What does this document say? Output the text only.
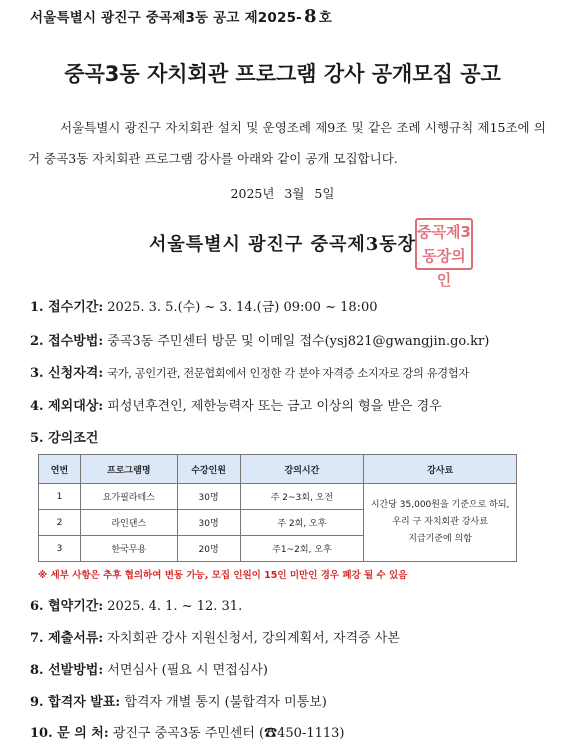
서울특별시 광진구 중곡제3동 공고 제2025- 8 호
중곡3동 자치회관 프로그램 강사 공개모집 공고
서울특별시 광진구 자치회관 설치 및 운영조례 제9조 및 같은 조례 시행규칙 제15조에 의거 중곡3동 자치회관 프로그램 강사를 아래와 같이 공개 모집합니다.
2025년 3월 5일
서울특별시 광진구 중곡제3동장
중곡제3
동장의인
1. 접수기간: 2025. 3. 5.(수) ~ 3. 14.(금) 09:00 ~ 18:00
2. 접수방법: 중곡3동 주민센터 방문 및 이메일 접수(ysj821@gwangjin.go.kr)
3. 신청자격: 국가, 공인기관, 전문협회에서 인정한 각 분야 자격증 소지자로 강의 유경험자
4. 제외대상: 피성년후견인, 제한능력자 또는 금고 이상의 형을 받은 경우
5. 강의조건
연번	프로그램명	수강인원	강의시간	강사료
1	요가필라테스	30명	주 2~3회, 오전	시간당 35,000원을 기준으로 하되,
우리 구 자치회관 강사료
지급기준에 의함

2	라인댄스	30명	주 2회, 오후	
3	한국무용	20명	주1~2회, 오후	
※ 세부 사항은 추후 협의하여 변동 가능, 모집 인원이 15인 미만인 경우 폐강 될 수 있음
6. 협약기간: 2025. 4. 1. ~ 12. 31.
7. 제출서류: 자치회관 강사 지원신청서, 강의계획서, 자격증 사본
8. 선발방법: 서면심사 (필요 시 면접심사)
9. 합격자 발표: 합격자 개별 통지 (불합격자 미통보)
10. 문 의 처: 광진구 중곡3동 주민센터 (☎450-1113)
